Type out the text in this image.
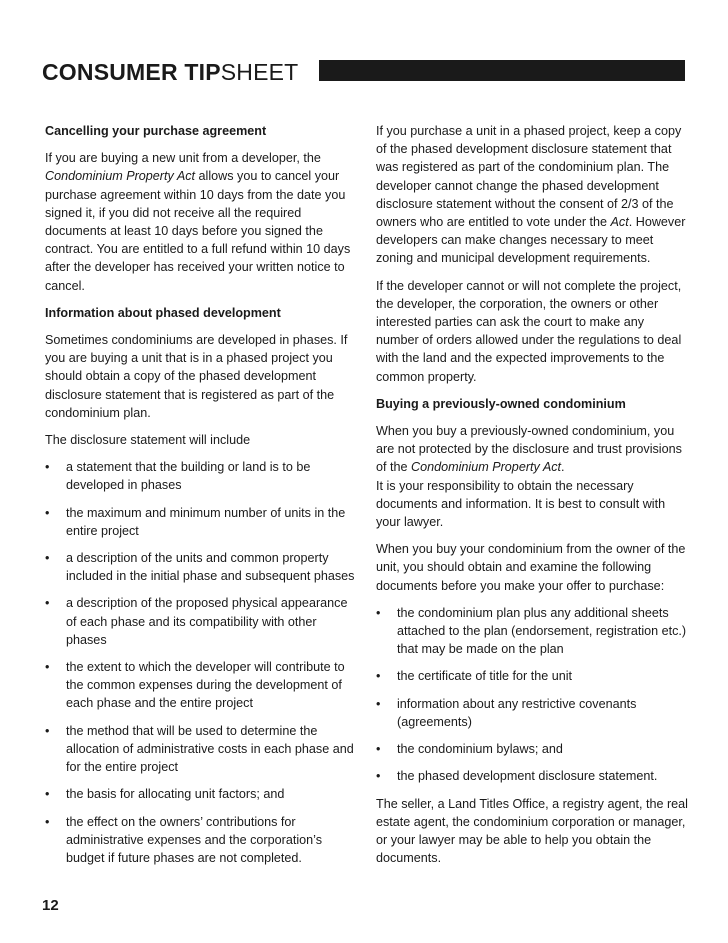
CONSUMER TIPSHEET

Cancelling your purchase agreement

If you are buying a new unit from a developer, the Condominium Property Act allows you to cancel your purchase agreement within 10 days from the date you signed it, if you did not receive all the required documents at least 10 days before you signed the contract. You are entitled to a full refund within 10 days after the developer has received your written notice to cancel.

Information about phased development

Sometimes condominiums are developed in phases. If you are buying a unit that is in a phased project you should obtain a copy of the phased development disclosure statement that is registered as part of the condominium plan.

The disclosure statement will include

• a statement that the building or land is to be developed in phases
• the maximum and minimum number of units in the entire project
• a description of the units and common property included in the initial phase and subsequent phases
• a description of the proposed physical appearance of each phase and its compatibility with other phases
• the extent to which the developer will contribute to the common expenses during the development of each phase and the entire project
• the method that will be used to determine the allocation of administrative costs in each phase and for the entire project
• the basis for allocating unit factors; and
• the effect on the owners’ contributions for administrative expenses and the corporation’s budget if future phases are not completed.

If you purchase a unit in a phased project, keep a copy of the phased development disclosure statement that was registered as part of the condominium plan. The developer cannot change the phased development disclosure statement without the consent of 2/3 of the owners who are entitled to vote under the Act. However developers can make changes necessary to meet zoning and municipal development requirements.

If the developer cannot or will not complete the project, the developer, the corporation, the owners or other interested parties can ask the court to make any number of orders allowed under the regulations to deal with the land and the expected improvements to the common property.

Buying a previously-owned condominium

When you buy a previously-owned condominium, you are not protected by the disclosure and trust provisions of the Condominium Property Act.
It is your responsibility to obtain the necessary documents and information. It is best to consult with your lawyer.

When you buy your condominium from the owner of the unit, you should obtain and examine the following documents before you make your offer to purchase:

• the condominium plan plus any additional sheets attached to the plan (endorsement, registration etc.) that may be made on the plan
• the certificate of title for the unit
• information about any restrictive covenants (agreements)
• the condominium bylaws; and
• the phased development disclosure statement.

The seller, a Land Titles Office, a registry agent, the real estate agent, the condominium corporation or manager, or your lawyer may be able to help you obtain the documents.

12
